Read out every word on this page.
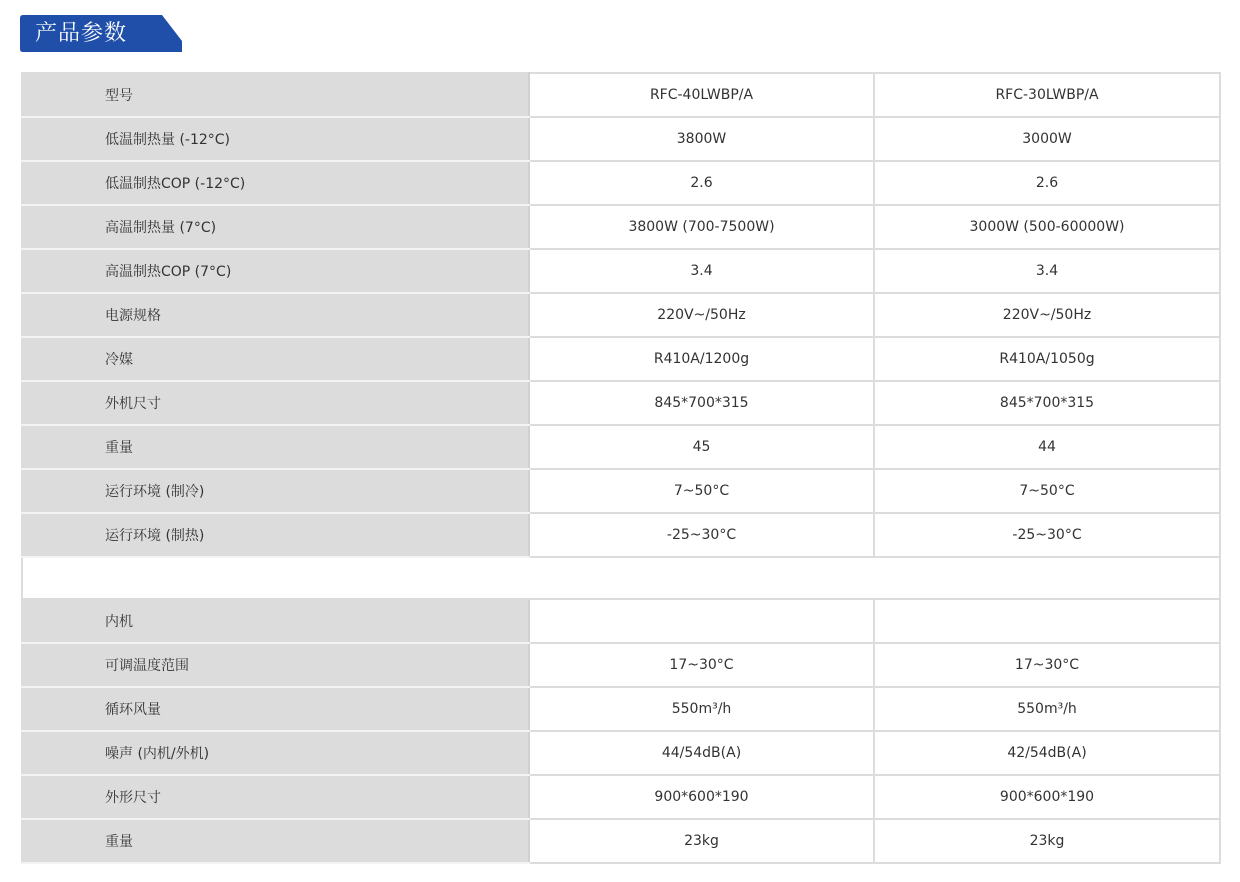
产品参数
型号	RFC-40LWBP/A	RFC-30LWBP/A
低温制热量 (-12°C)	3800W	3000W
低温制热COP (-12°C)	2.6	2.6
高温制热量 (7°C)	3800W (700-7500W)	3000W (500-60000W)
高温制热COP (7°C)	3.4	3.4
电源规格	220V~/50Hz	220V~/50Hz
冷媒	R410A/1200g	R410A/1050g
外机尺寸	845*700*315	845*700*315
重量	45	44
运行环境 (制冷)	7~50°C	7~50°C
运行环境 (制热)	-25~30°C	-25~30°C

内机		
可调温度范围	17~30°C	17~30°C
循环风量	550m³/h	550m³/h
噪声 (内机/外机)	44/54dB(A)	42/54dB(A)
外形尺寸	900*600*190	900*600*190
重量	23kg	23kg
